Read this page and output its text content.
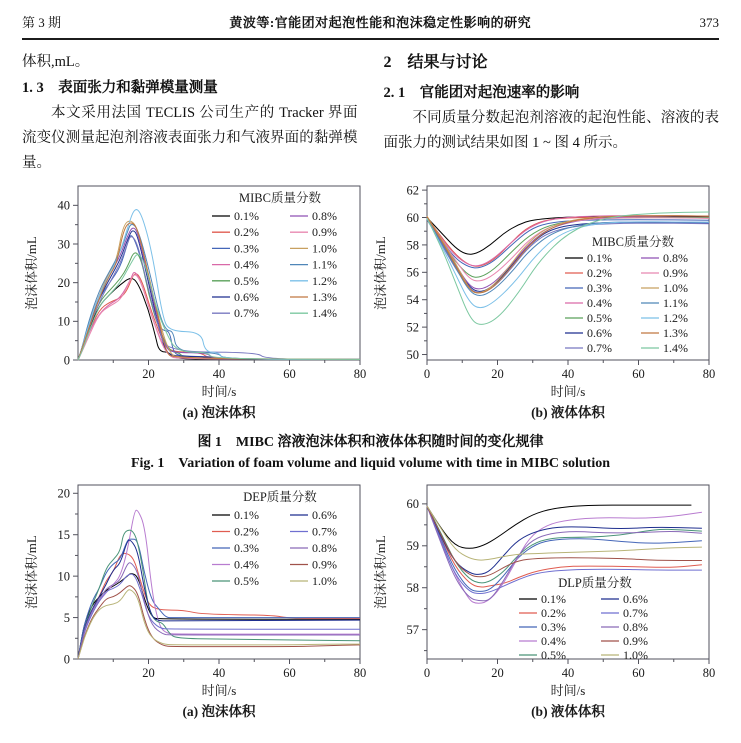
第 3 期	黄波等:官能团对起泡性能和泡沫稳定性影响的研究	373

体积,mL。

1. 3　表面张力和黏弹模量测量

本文采用法国 TECLIS 公司生产的 Tracker 界面流变仪测量起泡剂溶液表面张力和气液界面的黏弹模量。

2　结果与讨论
2. 1　官能团对起泡速率的影响

不同质量分数起泡剂溶液的起泡性能、溶液的表面张力的测试结果如图 1 ~ 图 4 所示。

20	40	60	80
0
10
20
30
40
时间/s
泡沫体积/mL
(a) 泡沫体积
MIBC质量分数
0.1%
0.2%
0.3%
0.4%
0.5%
0.6%
0.7%
0.8%
0.9%
1.0%
1.1%
1.2%
1.3%
1.4%
0	20	40	60	80
50
52
54
56
58
60
62
时间/s
泡沫体积/mL
(b) 液体体积
MIBC质量分数
0.1%
0.2%
0.3%
0.4%
0.5%
0.6%
0.7%
0.8%
0.9%
1.0%
1.1%
1.2%
1.3%
1.4%
图 1　MIBC 溶液泡沫体积和液体体积随时间的变化规律
Fig. 1　Variation of foam volume and liquid volume with time in MIBC solution
20	40	60	80
0
5
10
15
20
时间/s
泡沫体积/mL
(a) 泡沫体积
DEP质量分数
0.1%
0.2%
0.3%
0.4%
0.5%
0.6%
0.7%
0.8%
0.9%
1.0%
0	20	40	60	80
57
58
59
60
时间/s
泡沫体积/mL
(b) 液体体积
DLP质量分数
0.1%
0.2%
0.3%
0.4%
0.5%
0.6%
0.7%
0.8%
0.9%
1.0%
